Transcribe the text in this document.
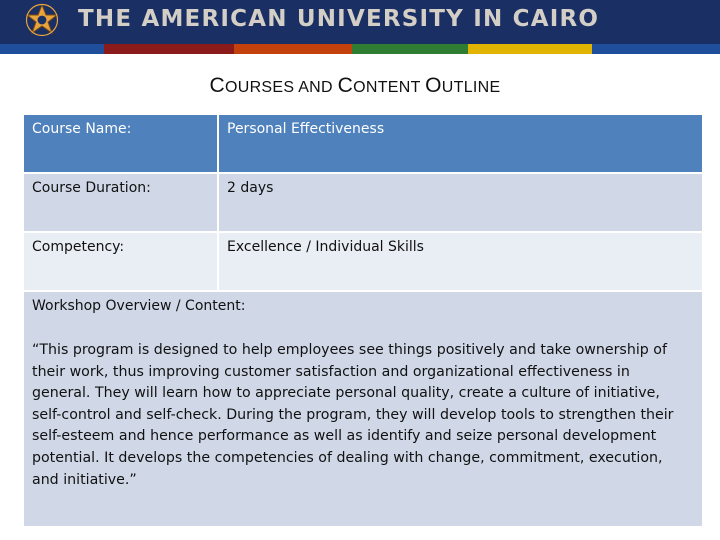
THE AMERICAN UNIVERSITY IN CAIRO
COURSES AND CONTENT OUTLINE
Course Name:	Personal Effectiveness
Course Duration:	2 days
Competency:	Excellence / Individual Skills
Workshop Overview / Content:
“This program is designed to help employees see things positively and take ownership of their work, thus improving customer satisfaction and organizational effectiveness in general. They will learn how to appreciate personal quality, create a culture of initiative, self-control and self-check. During the program, they will develop tools to strengthen their self-esteem and hence performance as well as identify and seize personal development potential. It develops the competencies of dealing with change, commitment, execution, and initiative.”
